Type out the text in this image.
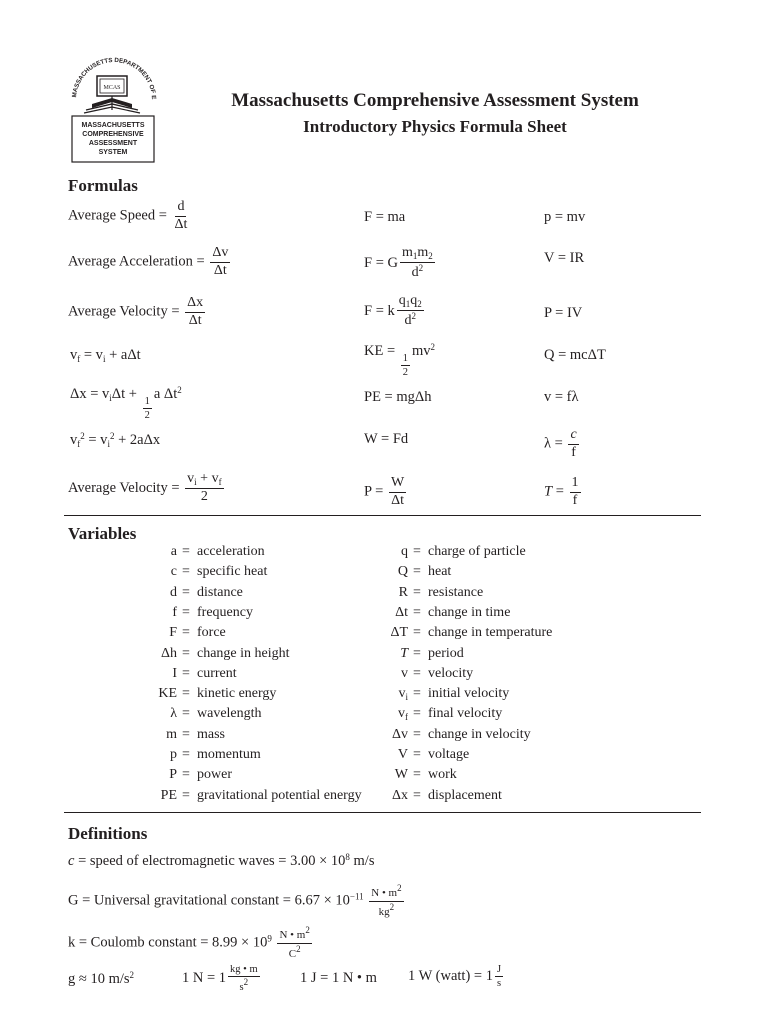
MASSACHUSETTS DEPARTMENT OF E
MCAS
MASSACHUSETTS
COMPREHENSIVE
ASSESSMENT
SYSTEM
Massachusetts Comprehensive Assessment System
Introductory Physics Formula Sheet
Formulas
Average Speed = $\frac{d}{\Delta t}$
Average Acceleration = $\frac{\Delta v}{\Delta t}$
Average Velocity = $\frac{\Delta x}{\Delta t}$
$v_f = v_i + a\Delta t$
$\Delta x = v_i\Delta t$ +
$\frac{1}{2}$
a $\Delta t^2$
$v_f^2 = v_i^2 + 2a\Delta x$
Average Velocity = $\frac{v_i + v_f}{2}$
F = ma
F = G $\frac{m_1m_2}{d^2}$
F = k $\frac{q_1q_2}{d^2}$
KE =
$\frac{1}{2}$
$mv^2$
PE = mgΔh
W = Fd
$P = \frac{W}{\Delta t}$
p = mv
V = IR
P = IV
Q = mcΔT
v = fλ
$\lambda = \frac{c}{f}$
$T = \frac{1}{f}$
Variables
a = acceleration
c = specific heat
d = distance
f = frequency
F = force
Δh = change in height
I = current
KE = kinetic energy
λ = wavelength
m = mass
p = momentum
P = power
PE = gravitational potential energy
q = charge of particle
Q = heat
R = resistance
Δt = change in time
ΔT = change in temperature
T = period
v = velocity
$v_i$ = initial velocity
$v_f$ = final velocity
Δv = change in velocity
V = voltage
W = work
Δx = displacement
Definitions
c = speed of electromagnetic waves = $3.00 \times 10^8$ m/s
G = Universal gravitational constant = $6.67 \times 10^{-11} \frac{N • m^2}{kg^2}$
k = Coulomb constant = $8.99 \times 10^9 \frac{N • m^2}{C^2}$
g ≈ 10 $m/s^2$	1 $N = 1 \frac{kg • m}{s^2}$	1 J = 1 N • m 1 W (watt) = $1 \frac{J}{s}$
